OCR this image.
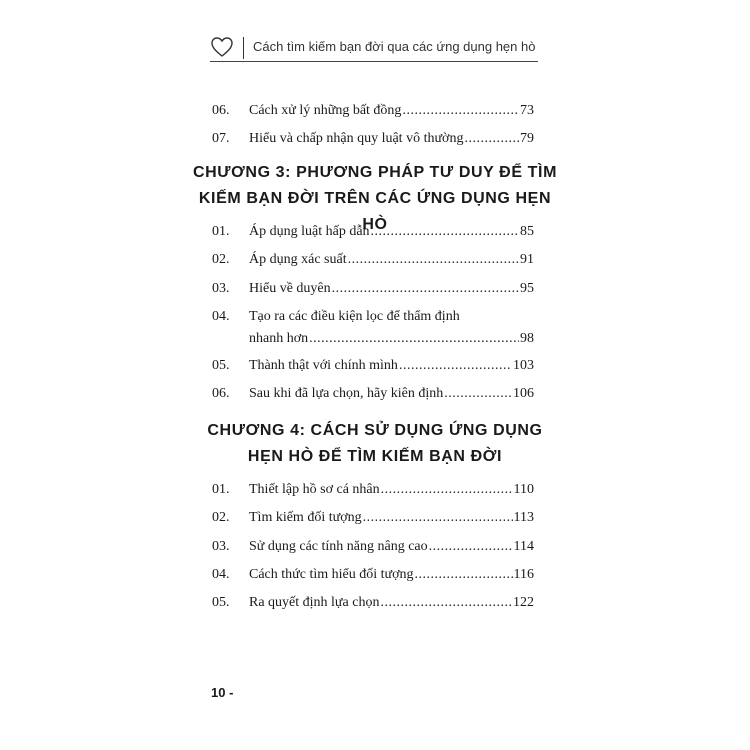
Cách tìm kiếm bạn đời qua các ứng dụng hẹn hò
06.	Cách xử lý những bất đồng .....	73
07.	Hiểu và chấp nhận quy luật vô thường .....	79
CHƯƠNG 3: PHƯƠNG PHÁP TƯ DUY ĐỂ TÌM
KIẾM BẠN ĐỜI TRÊN CÁC ỨNG DỤNG HẸN HÒ
01.	Áp dụng luật hấp dẫn .....	85
02.	Áp dụng xác suất .....	91
03.	Hiểu về duyên .....	95
04.	Tạo ra các điều kiện lọc để thẩm định
nhanh hơn .....	98
05.	Thành thật với chính mình .....	103
06.	Sau khi đã lựa chọn, hãy kiên định .....	106
CHƯƠNG 4: CÁCH SỬ DỤNG ỨNG DỤNG
HẸN HÒ ĐỂ TÌM KIẾM BẠN ĐỜI
01.	Thiết lập hồ sơ cá nhân .....	110
02.	Tìm kiếm đối tượng .....	113
03.	Sử dụng các tính năng nâng cao .....	114
04.	Cách thức tìm hiểu đối tượng .....	116
05.	Ra quyết định lựa chọn .....	122
10 -
